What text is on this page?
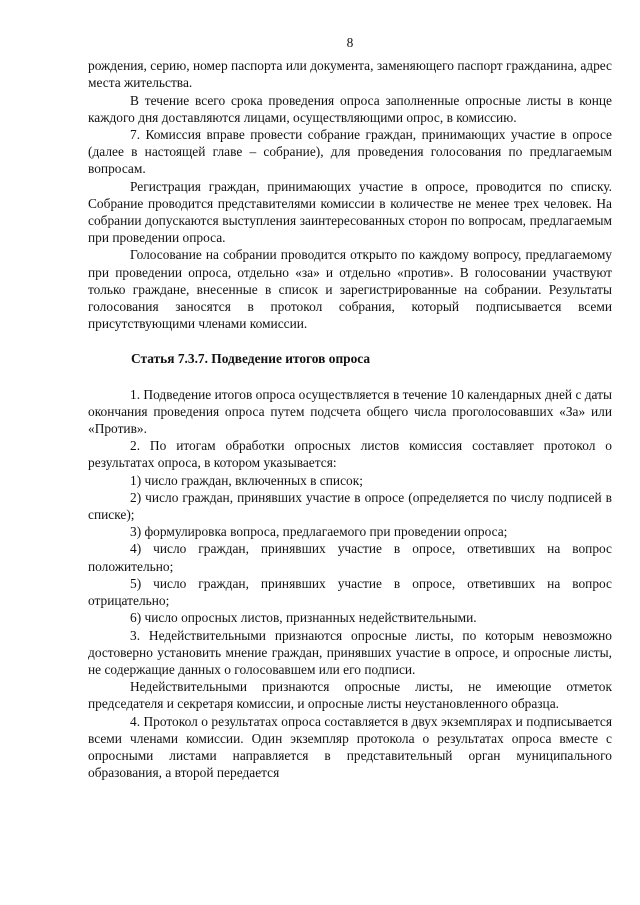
8

рождения, серию, номер паспорта или документа, заменяющего паспорт гражданина, адрес места жительства.

В течение всего срока проведения опроса заполненные опросные листы в конце каждого дня доставляются лицами, осуществляющими опрос, в комиссию.

7. Комиссия вправе провести собрание граждан, принимающих участие в опросе (далее в настоящей главе – собрание), для проведения голосования по предлагаемым вопросам.

Регистрация граждан, принимающих участие в опросе, проводится по списку. Собрание проводится представителями комиссии в количестве не менее трех человек. На собрании допускаются выступления заинтересованных сторон по вопросам, предлагаемым при проведении опроса.

Голосование на собрании проводится открыто по каждому вопросу, предлагаемому при проведении опроса, отдельно «за» и отдельно «против». В голосовании участвуют только граждане, внесенные в список и зарегистрированные на собрании. Результаты голосования заносятся в протокол собрания, который подписывается всеми присутствующими членами комиссии.

Статья 7.3.7. Подведение итогов опроса

1. Подведение итогов опроса осуществляется в течение 10 календарных дней с даты окончания проведения опроса путем подсчета общего числа проголосовавших «За» или «Против».

2. По итогам обработки опросных листов комиссия составляет протокол о результатах опроса, в котором указывается:

1) число граждан, включенных в список;

2) число граждан, принявших участие в опросе (определяется по числу подписей в списке);

3) формулировка вопроса, предлагаемого при проведении опроса;

4) число граждан, принявших участие в опросе, ответивших на вопрос положительно;

5) число граждан, принявших участие в опросе, ответивших на вопрос отрицательно;

6) число опросных листов, признанных недействительными.

3. Недействительными признаются опросные листы, по которым невозможно достоверно установить мнение граждан, принявших участие в опросе, и опросные листы, не содержащие данных о голосовавшем или его подписи.

Недействительными признаются опросные листы, не имеющие отметок председателя и секретаря комиссии, и опросные листы неустановленного образца.

4. Протокол о результатах опроса составляется в двух экземплярах и подписывается всеми членами комиссии. Один экземпляр протокола о результатах опроса вместе с опросными листами направляется в представительный орган муниципального образования, а второй передается
